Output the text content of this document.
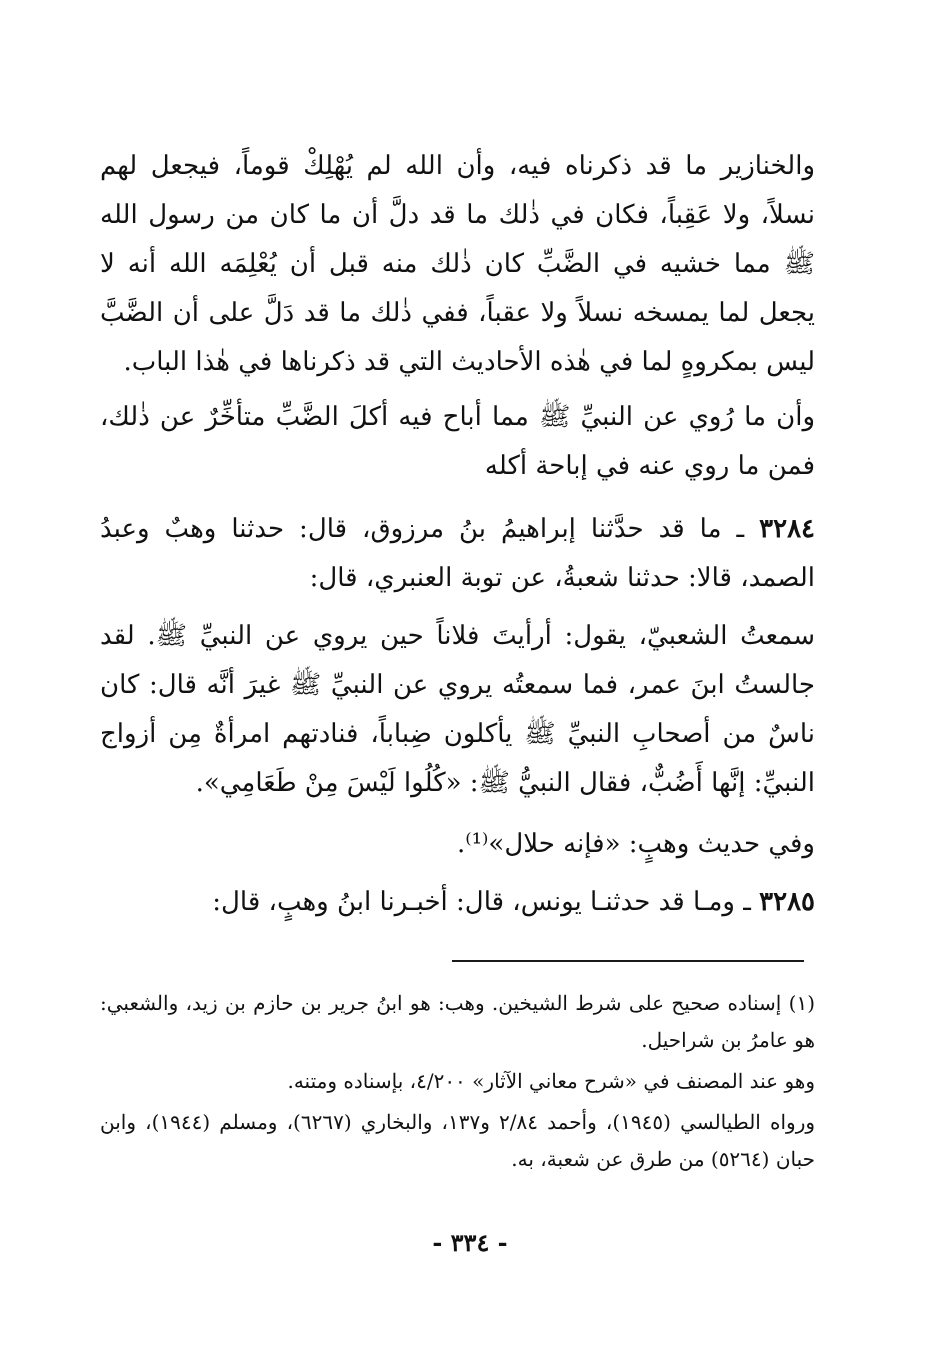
والخنازير ما قد ذكرناه فيه، وأن الله لم يُهْلِكْ قوماً، فيجعل لهم نسلاً، ولا عَقِباً، فكان في ذٰلك ما قد دلَّ أن ما كان من رسول الله ﷺ مما خشيه في الضَّبِّ كان ذٰلك منه قبل أن يُعْلِمَه الله أنه لا يجعل لما يمسخه نسلاً ولا عقباً، ففي ذٰلك ما قد دَلَّ على أن الضَّبَّ ليس بمكروهٍ لما في هٰذه الأحاديث التي قد ذكرناها في هٰذا الباب.

وأن ما رُوي عن النبيِّ ﷺ مما أباح فيه أكلَ الضَّبِّ متأخِّرٌ عن ذٰلك، فمن ما روي عنه في إباحة أكله

٣٢٨٤ ـ ما قد حدَّثنا إبراهيمُ بنُ مرزوق، قال: حدثنا وهبٌ وعبدُ الصمد، قالا: حدثنا شعبةُ، عن توبة العنبري، قال:

سمعتُ الشعبيّ، يقول: أرأيتَ فلاناً حين يروي عن النبيِّ ﷺ. لقد جالستُ ابنَ عمر، فما سمعتُه يروي عن النبيِّ ﷺ غيرَ أنَّه قال: كان ناسٌ من أصحابِ النبيِّ ﷺ يأكلون ضِباباً، فنادتهم امرأةٌ مِن أزواج النبيِّ: إنَّها أَضُبٌّ، فقال النبيُّ ﷺ: «كُلُوا لَيْسَ مِنْ طَعَامِي».

وفي حديث وهبٍ: «فإنه حلال»⁽¹⁾.

٣٢٨٥ ـ ومـا قد حدثنـا يونس، قال: أخبـرنا ابنُ وهبٍ، قال:

(١) إسناده صحيح على شرط الشيخين. وهب: هو ابنُ جرير بن حازم بن زيد، والشعبي: هو عامرُ بن شراحيل.

وهو عند المصنف في «شرح معاني الآثار» ٤/٢٠٠، بإسناده ومتنه.

ورواه الطيالسي (١٩٤٥)، وأحمد ٢/٨٤ و١٣٧، والبخاري (٦٢٦٧)، ومسلم (١٩٤٤)، وابن حبان (٥٢٦٤) من طرق عن شعبة، به.

- ٣٣٤ -
